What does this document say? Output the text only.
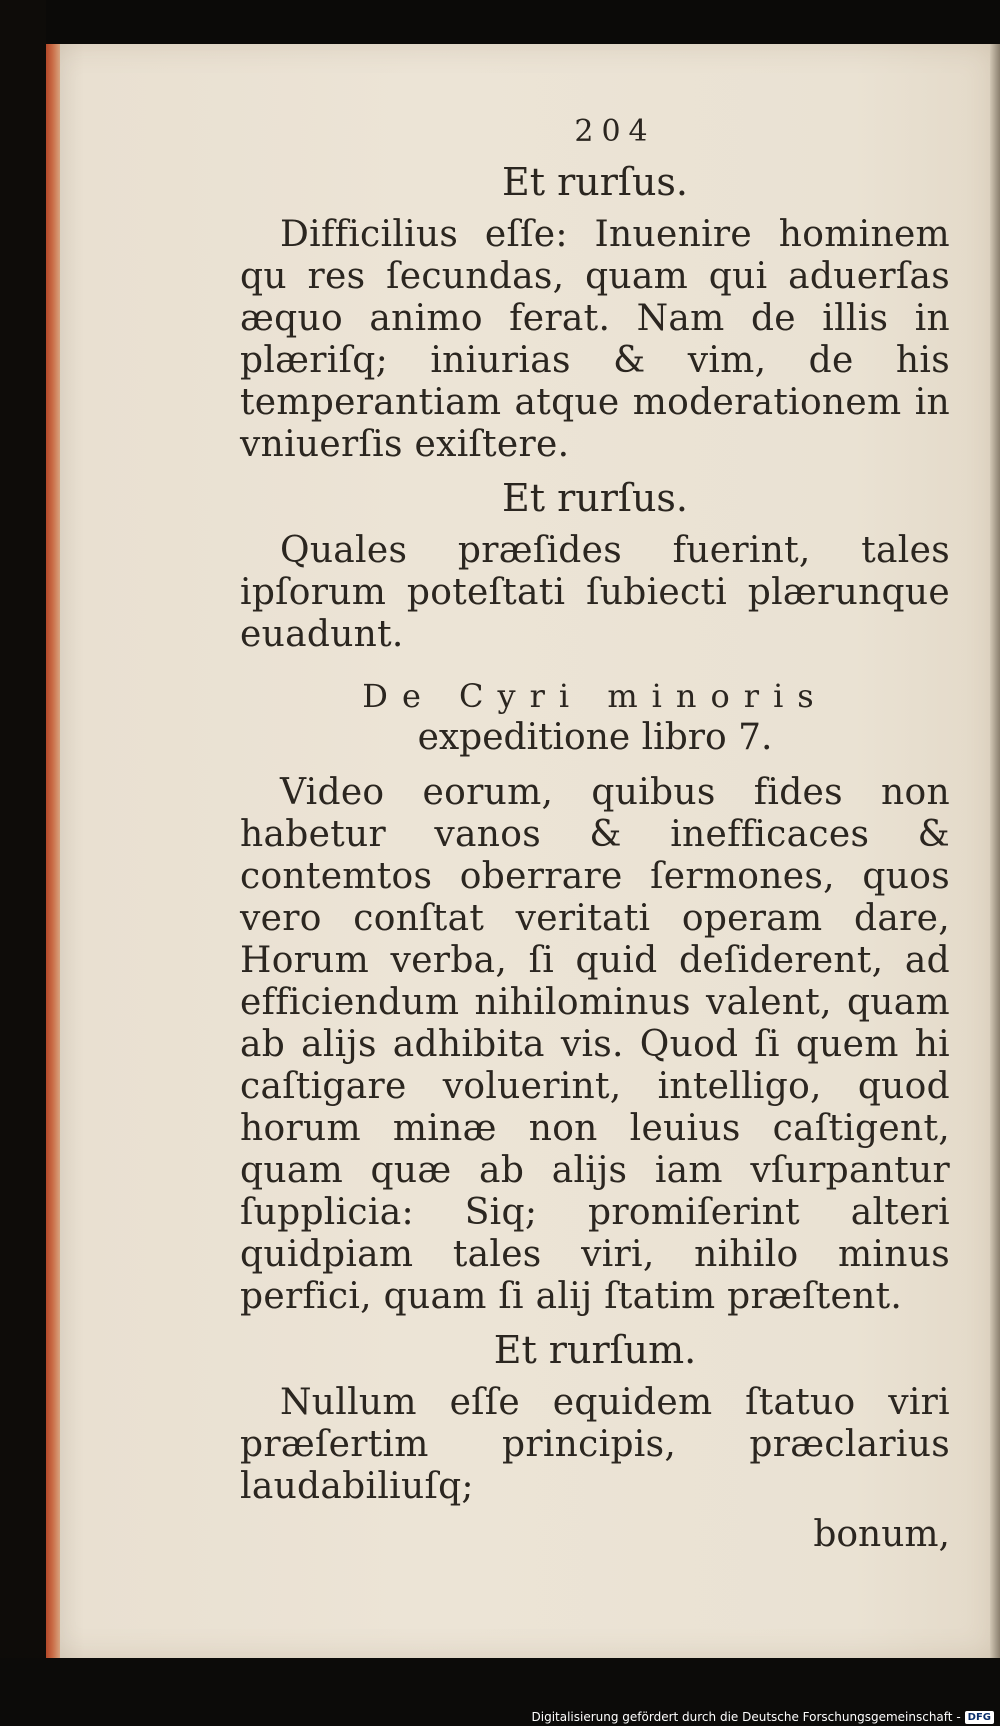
204
Et rurſus.
Difficilius eſſe: Inuenire hominem qu res ſecundas, quam qui aduerſas æquo animo ferat. Nam de illis in plæriſq; iniurias & vim, de his temperantiam atque moderationem in vniuerſis exiſtere.
Et rurſus.
Quales præſides fuerint, tales ipſorum poteſtati ſubiecti plærunque euadunt.
De Cyri minoris
expeditione libro 7.
Video eorum, quibus fides non habetur vanos & inefficaces & contemtos oberrare ſermones, quos vero conſtat veritati operam dare, Horum verba, ſi quid deſiderent, ad efficiendum nihilominus valent, quam ab alijs adhibita vis. Quod ſi quem hi caſtigare voluerint, intelligo, quod horum minæ non leuius caſtigent, quam quæ ab alijs iam vſurpantur ſupplicia: Siq; promiſerint alteri quidpiam tales viri, nihilo minus perfici, quam ſi alij ſtatim præſtent.
Et rurſum.
Nullum eſſe equidem ſtatuo viri præſertim principis, præclarius laudabiliuſq;
bonum,
Digitalisierung gefördert durch die Deutsche Forschungsgemeinschaft - DFG
